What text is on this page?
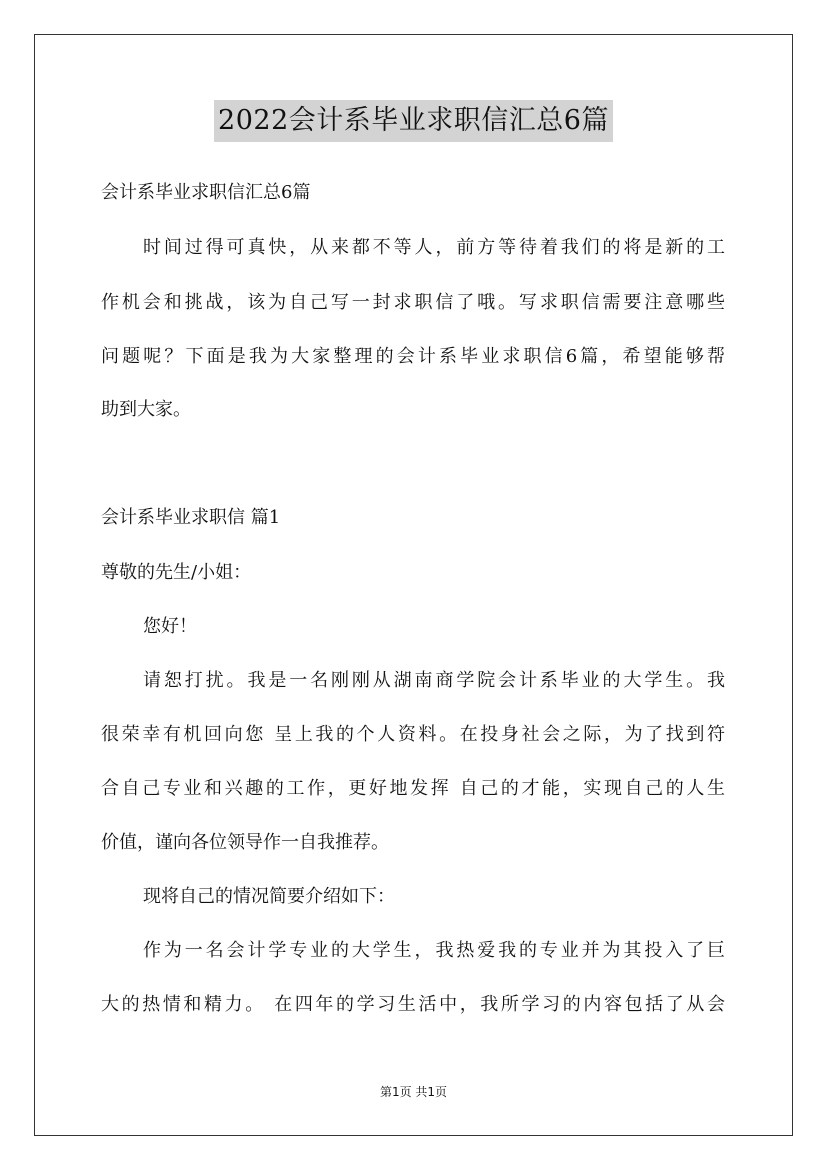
2022会计系毕业求职信汇总6篇
会计系毕业求职信汇总6篇
时间过得可真快，从来都不等人，前方等待着我们的将是新的工
作机会和挑战，该为自己写一封求职信了哦。写求职信需要注意哪些
问题呢？下面是我为大家整理的会计系毕业求职信6篇，希望能够帮
助到大家。
会计系毕业求职信 篇1
尊敬的先生/小姐：
您好！
请恕打扰。我是一名刚刚从湖南商学院会计系毕业的大学生。我
很荣幸有机回向您 呈上我的个人资料。在投身社会之际，为了找到符
合自己专业和兴趣的工作，更好地发挥 自己的才能，实现自己的人生
价值，谨向各位领导作一自我推荐。
现将自己的情况简要介绍如下：
作为一名会计学专业的大学生，我热爱我的专业并为其投入了巨
大的热情和精力。 在四年的学习生活中，我所学习的内容包括了从会
第1页 共1页
